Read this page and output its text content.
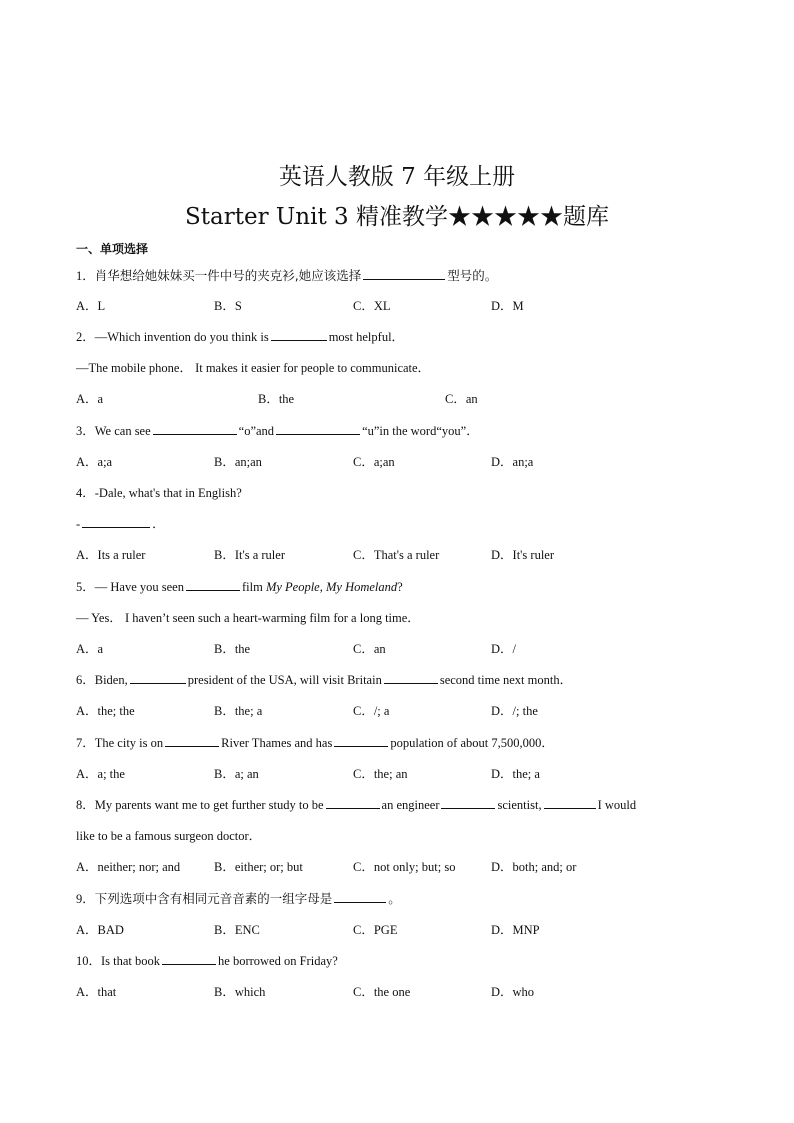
英语人教版 7 年级上册
Starter Unit 3 精准教学★★★★★题库
一、单项选择
1．肖华想给她妹妹买一件中号的夹克衫,她应该选择	型号的。
A．L	B．S	C．XL	D．M
2．—Which invention do you think is	most helpful．
—The mobile phone． It makes it easier for people to communicate．
A．a	B．the	C．an
3．We can see	“o”and	“u”in the word“you”．
A．a;a	B．an;an	C．a;an	D．an;a
4．-Dale, what's that in English?
-	．
A．Its a ruler	B．It's a ruler	C．That's a ruler	D．It's ruler
5．— Have you seen	film My People, My Homeland?
— Yes． I haven’t seen such a heart-warming film for a long time．
A．a	B．the	C．an	D．/
6．Biden,	president of the USA, will visit Britain	second time next month．
A．the; the	B．the; a	C．/; a	D．/; the
7．The city is on	River Thames and has	population of about 7,500,000．
A．a; the	B．a; an	C．the; an	D．the; a
8．My parents want me to get further study to be	an engineer	scientist,	I would
like to be a famous surgeon doctor．
A．neither; nor; and	B．either; or; but	C．not only; but; so	D．both; and; or
9．下列选项中含有相同元音音素的一组字母是	。
A．BAD	B．ENC	C．PGE	D．MNP
10．Is that book	he borrowed on Friday?
A．that	B．which	C．the one	D．who
